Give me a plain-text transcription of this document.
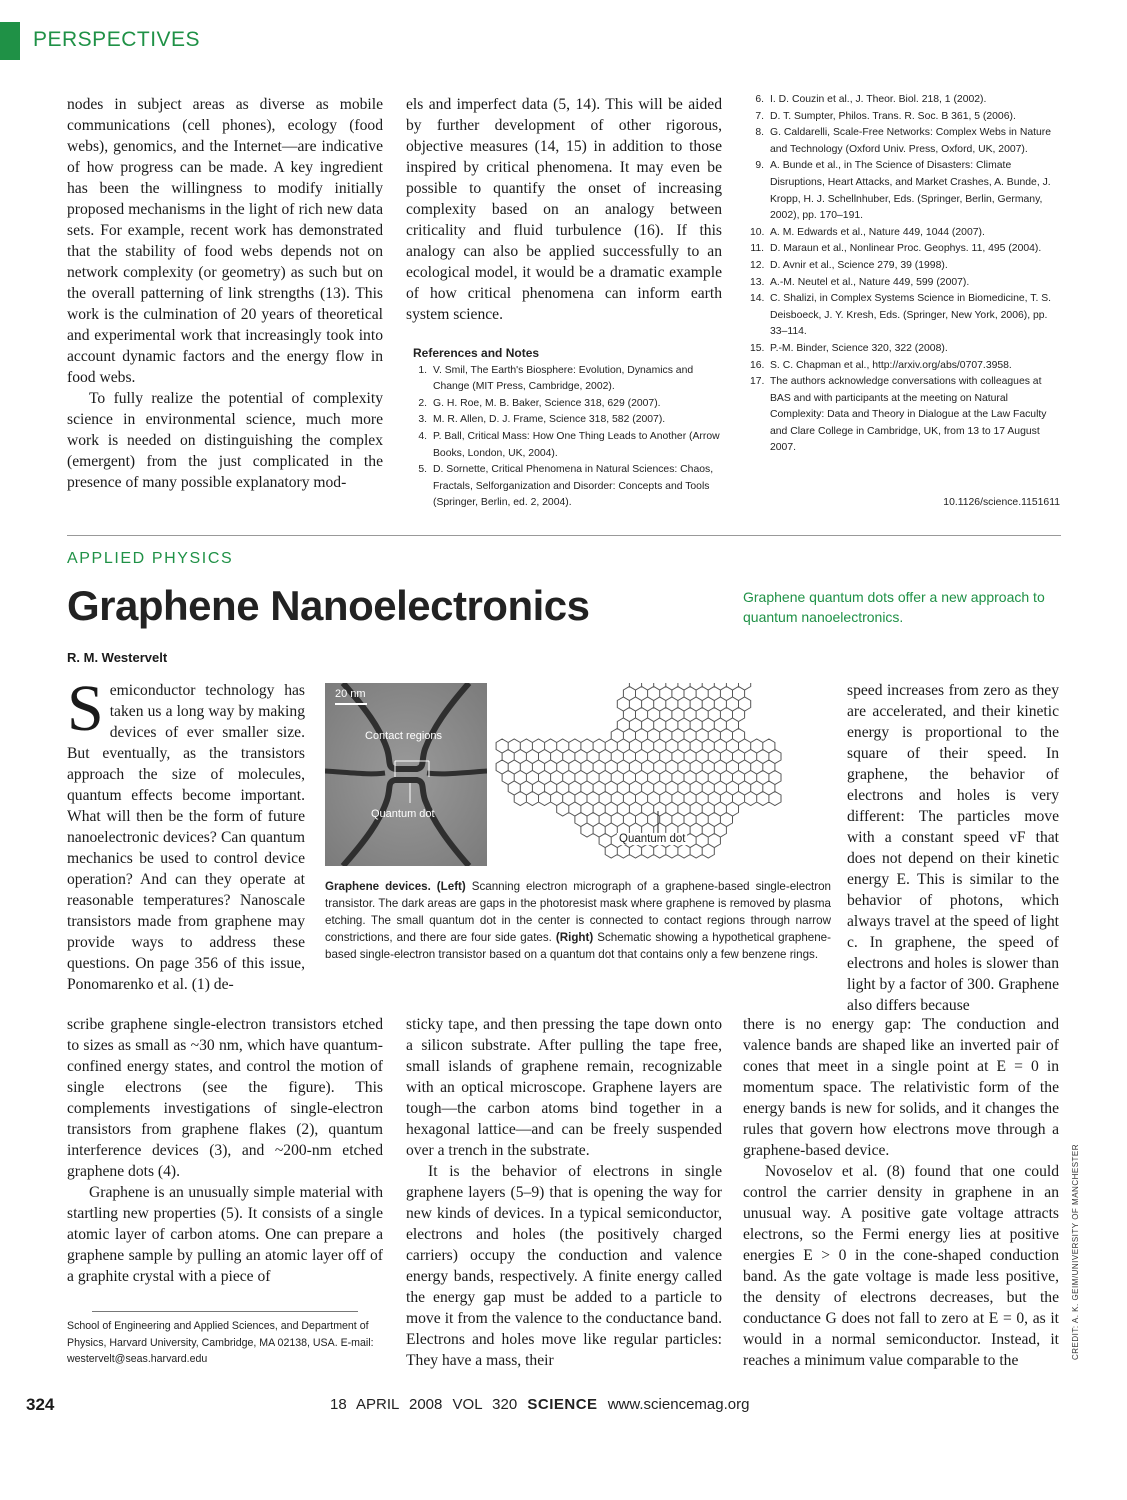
PERSPECTIVES

nodes in subject areas as diverse as mobile communications (cell phones), ecology (food webs), genomics, and the Internet—are indicative of how progress can be made. A key ingredient has been the willingness to modify initially proposed mechanisms in the light of rich new data sets. For example, recent work has demonstrated that the stability of food webs depends not on network complexity (or geometry) as such but on the overall patterning of link strengths (13). This work is the culmination of 20 years of theoretical and experimental work that increasingly took into account dynamic factors and the energy flow in food webs.

To fully realize the potential of complexity science in environmental science, much more work is needed on distinguishing the complex (emergent) from the just complicated in the presence of many possible explanatory mod-

els and imperfect data (5, 14). This will be aided by further development of other rigorous, objective measures (14, 15) in addition to those inspired by critical phenomena. It may even be possible to quantify the onset of increasing complexity based on an analogy between criticality and fluid turbulence (16). If this analogy can also be applied successfully to an ecological model, it would be a dramatic example of how critical phenomena can inform earth system science.

References and Notes
1. V. Smil, The Earth's Biosphere: Evolution, Dynamics and Change (MIT Press, Cambridge, 2002).
2. G. H. Roe, M. B. Baker, Science 318, 629 (2007).
3. M. R. Allen, D. J. Frame, Science 318, 582 (2007).
4. P. Ball, Critical Mass: How One Thing Leads to Another (Arrow Books, London, UK, 2004).
5. D. Sornette, Critical Phenomena in Natural Sciences: Chaos, Fractals, Selforganization and Disorder: Concepts and Tools (Springer, Berlin, ed. 2, 2004).
6. I. D. Couzin et al., J. Theor. Biol. 218, 1 (2002).
7. D. T. Sumpter, Philos. Trans. R. Soc. B 361, 5 (2006).
8. G. Caldarelli, Scale-Free Networks: Complex Webs in Nature and Technology (Oxford Univ. Press, Oxford, UK, 2007).
9. A. Bunde et al., in The Science of Disasters: Climate Disruptions, Heart Attacks, and Market Crashes, A. Bunde, J. Kropp, H. J. Schellnhuber, Eds. (Springer, Berlin, Germany, 2002), pp. 170–191.
10. A. M. Edwards et al., Nature 449, 1044 (2007).
11. D. Maraun et al., Nonlinear Proc. Geophys. 11, 495 (2004).
12. D. Avnir et al., Science 279, 39 (1998).
13. A.-M. Neutel et al., Nature 449, 599 (2007).
14. C. Shalizi, in Complex Systems Science in Biomedicine, T. S. Deisboeck, J. Y. Kresh, Eds. (Springer, New York, 2006), pp. 33–114.
15. P.-M. Binder, Science 320, 322 (2008).
16. S. C. Chapman et al., http://arxiv.org/abs/0707.3958.
17. The authors acknowledge conversations with colleagues at BAS and with participants at the meeting on Natural Complexity: Data and Theory in Dialogue at the Law Faculty and Clare College in Cambridge, UK, from 13 to 17 August 2007.
10.1126/science.1151611
APPLIED PHYSICS
Graphene Nanoelectronics	Graphene quantum dots offer a new approach to quantum nanoelectronics.
R. M. Westervelt

Semiconductor technology has taken us a long way by making devices of ever smaller size. But eventually, as the transistors approach the size of molecules, quantum effects become important. What will then be the form of future nanoelectronic devices? Can quantum mechanics be used to control device operation? And can they operate at reasonable temperatures? Nanoscale transistors made from graphene may provide ways to address these questions. On page 356 of this issue, Ponomarenko et al. (1) de-

20 nm
Contact regions
Quantum dot
Quantum dot
Graphene devices. (Left) Scanning electron micrograph of a graphene-based single-electron transistor. The dark areas are gaps in the photoresist mask where graphene is removed by plasma etching. The small quantum dot in the center is connected to contact regions through narrow constrictions, and there are four side gates. (Right) Schematic showing a hypothetical graphene-based single-electron transistor based on a quantum dot that contains only a few benzene rings.

speed increases from zero as they are accelerated, and their kinetic energy is proportional to the square of their speed. In graphene, the behavior of electrons and holes is very different: The particles move with a constant speed vF that does not depend on their kinetic energy E. This is similar to the behavior of photons, which always travel at the speed of light c. In graphene, the speed of electrons and holes is slower than light by a factor of 300. Graphene also differs because

scribe graphene single-electron transistors etched to sizes as small as ~30 nm, which have quantum-confined energy states, and control the motion of single electrons (see the figure). This complements investigations of single-electron transistors from graphene flakes (2), quantum interference devices (3), and ~200-nm etched graphene dots (4).

Graphene is an unusually simple material with startling new properties (5). It consists of a single atomic layer of carbon atoms. One can prepare a graphene sample by pulling an atomic layer off of a graphite crystal with a piece of

sticky tape, and then pressing the tape down onto a silicon substrate. After pulling the tape free, small islands of graphene remain, recognizable with an optical microscope. Graphene layers are tough—the carbon atoms bind together in a hexagonal lattice—and can be freely suspended over a trench in the substrate.

It is the behavior of electrons in single graphene layers (5–9) that is opening the way for new kinds of devices. In a typical semiconductor, electrons and holes (the positively charged carriers) occupy the conduction and valence energy bands, respectively. A finite energy called the energy gap must be added to a particle to move it from the valence to the conductance band. Electrons and holes move like regular particles: They have a mass, their

there is no energy gap: The conduction and valence bands are shaped like an inverted pair of cones that meet in a single point at E = 0 in momentum space. The relativistic form of the energy bands is new for solids, and it changes the rules that govern how electrons move through a graphene-based device.

Novoselov et al. (8) found that one could control the carrier density in graphene in an unusual way. A positive gate voltage attracts electrons, so the Fermi energy lies at positive energies E > 0 in the cone-shaped conduction band. As the gate voltage is made less positive, the density of electrons decreases, but the conductance G does not fall to zero at E = 0, as it would in a normal semiconductor. Instead, it reaches a minimum value comparable to the

School of Engineering and Applied Sciences, and Department of Physics, Harvard University, Cambridge, MA 02138, USA. E-mail: westervelt@seas.harvard.edu	CREDIT: A. K. GEIM/UNIVERSITY OF MANCHESTER
324	18 APRIL 2008 VOL 320 SCIENCE www.sciencemag.org
